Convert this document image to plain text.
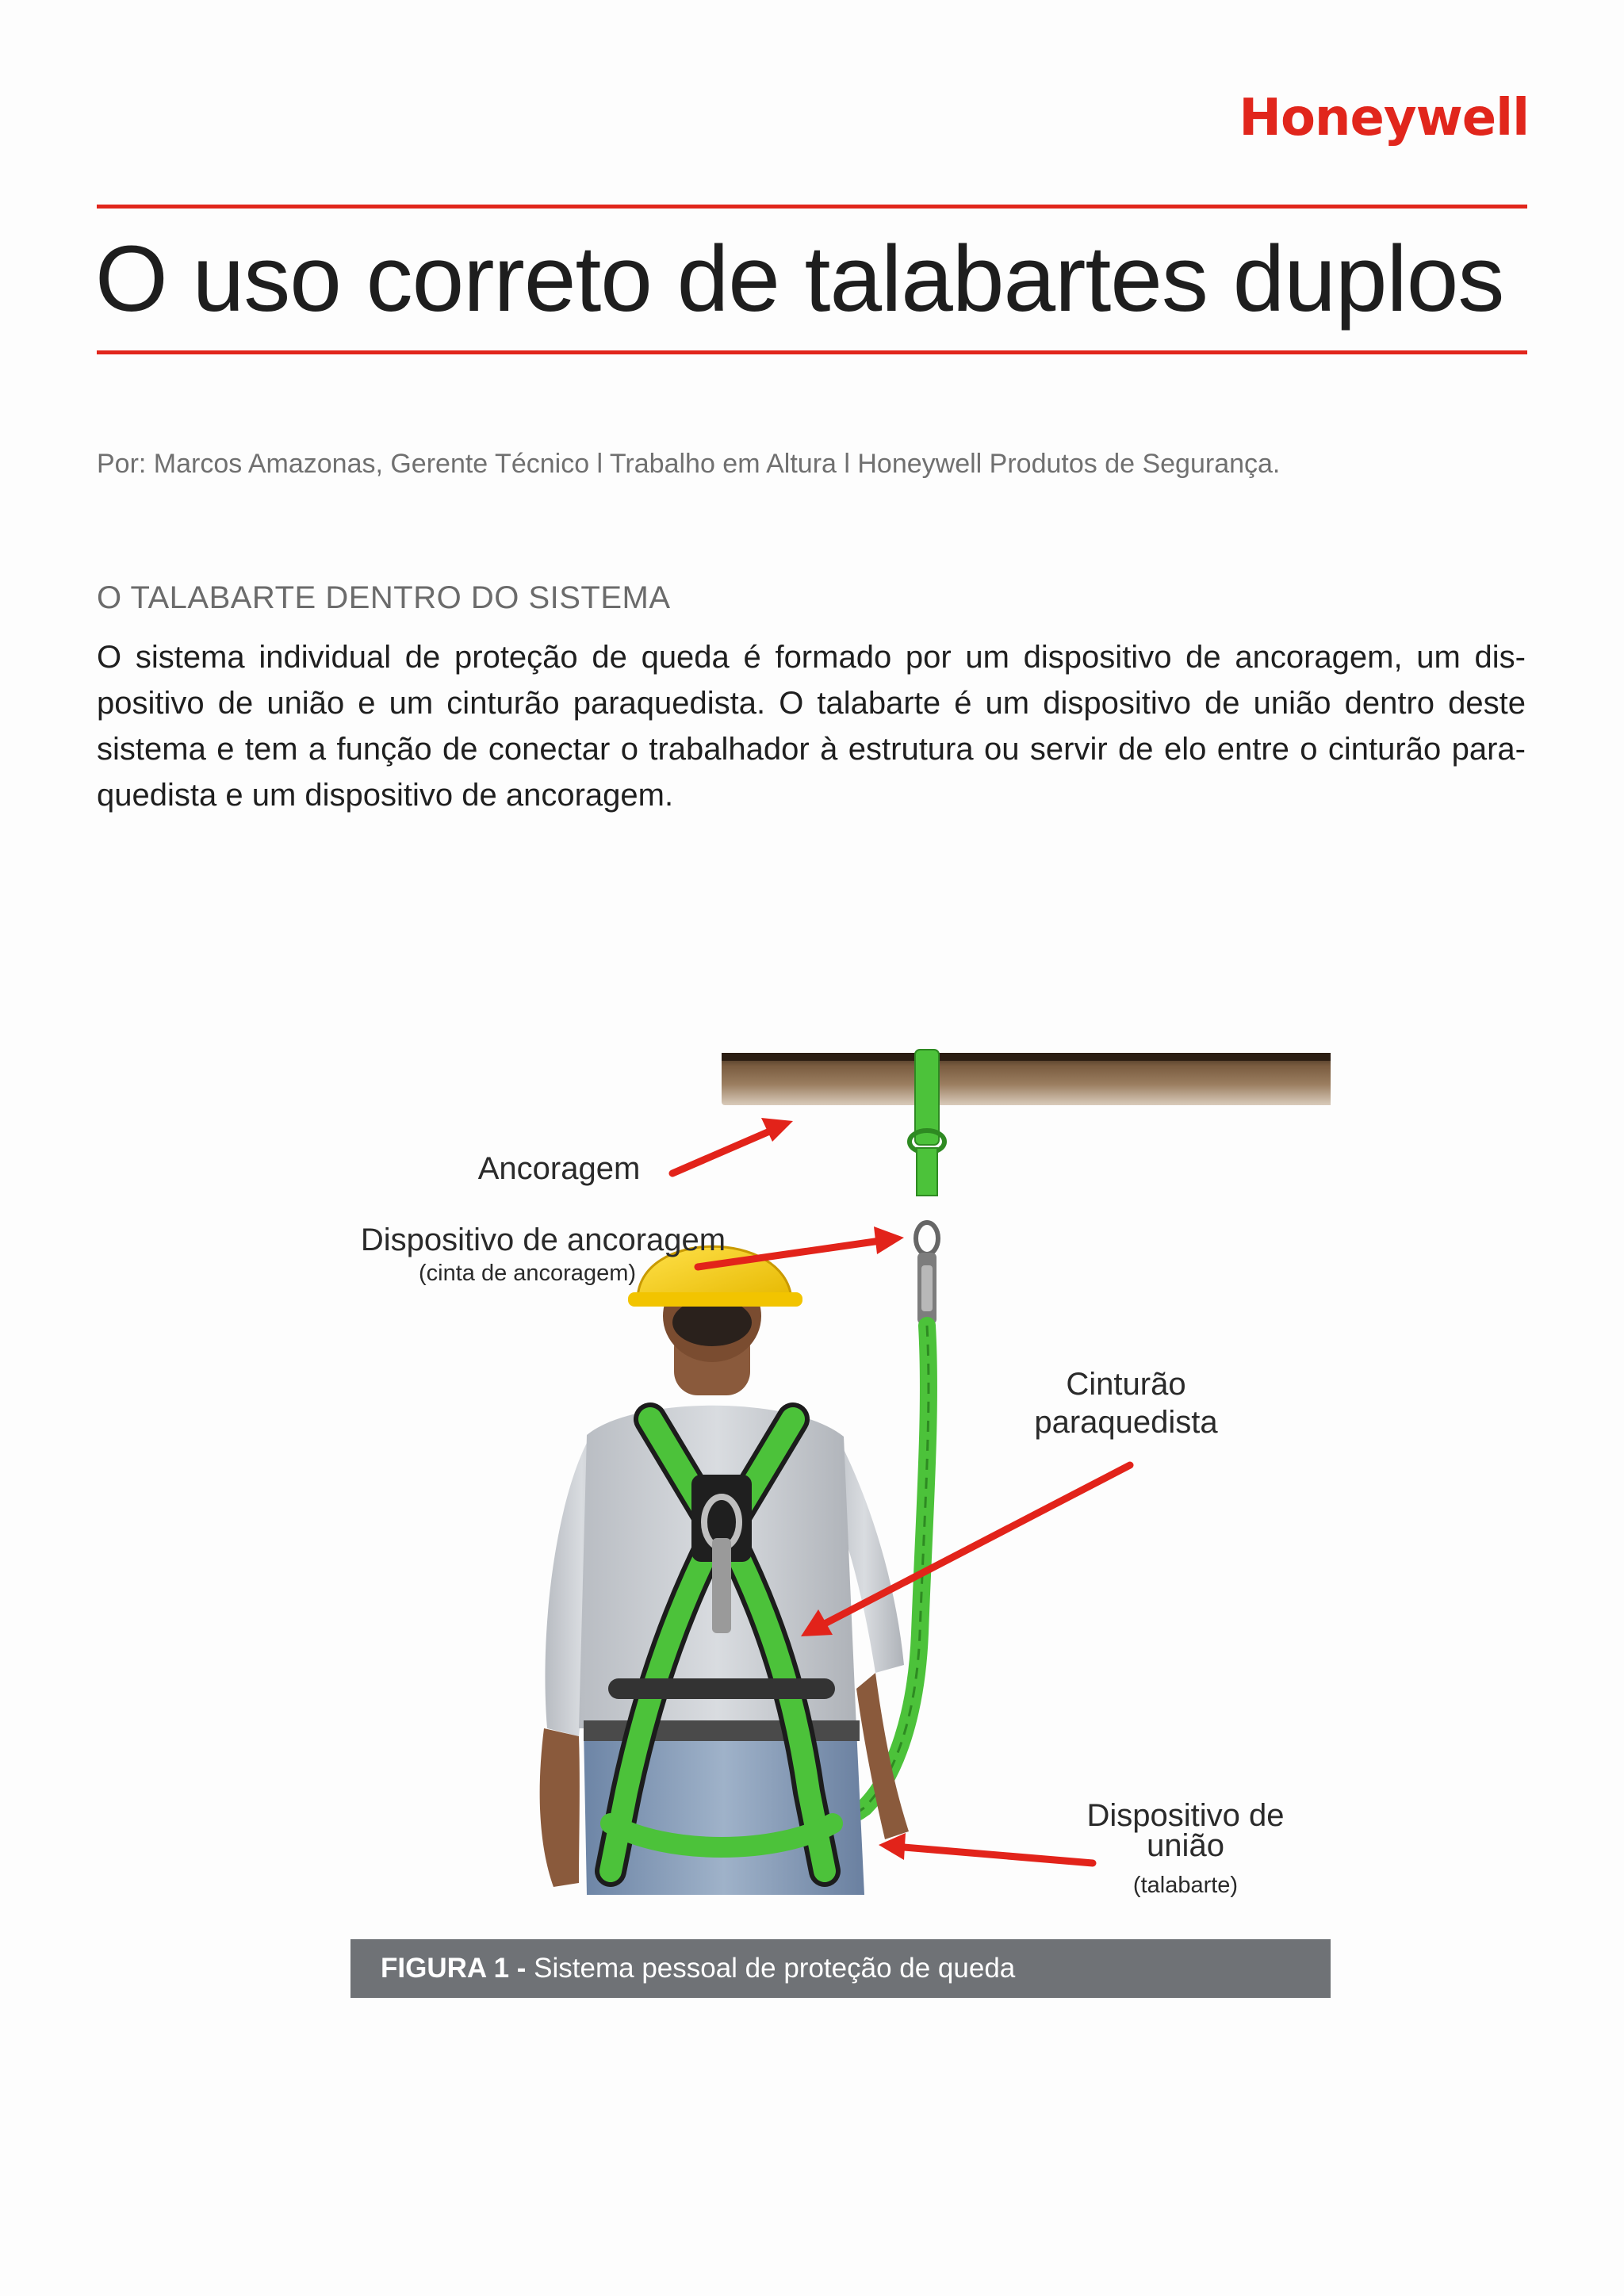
Honeywell
O uso correto de talabartes duplos
Por: Marcos Amazonas, Gerente Técnico l Trabalho em Altura l Honeywell Produtos de Segurança.
O TALABARTE DENTRO DO SISTEMA

O sistema individual de proteção de queda é formado por um dispositivo de ancoragem, um dispositivo de união e um cinturão paraquedista. O talabarte é um dispositivo de união dentro deste sistema e tem a função de conectar o trabalhador à estrutura ou servir de elo entre o cinturão paraquedista e um dispositivo de ancoragem.

Ancoragem
Dispositivo de ancoragem
(cinta de ancoragem)
Cinturão
paraquedista
Dispositivo de
união
(talabarte)
FIGURA 1 - Sistema pessoal de proteção de queda
